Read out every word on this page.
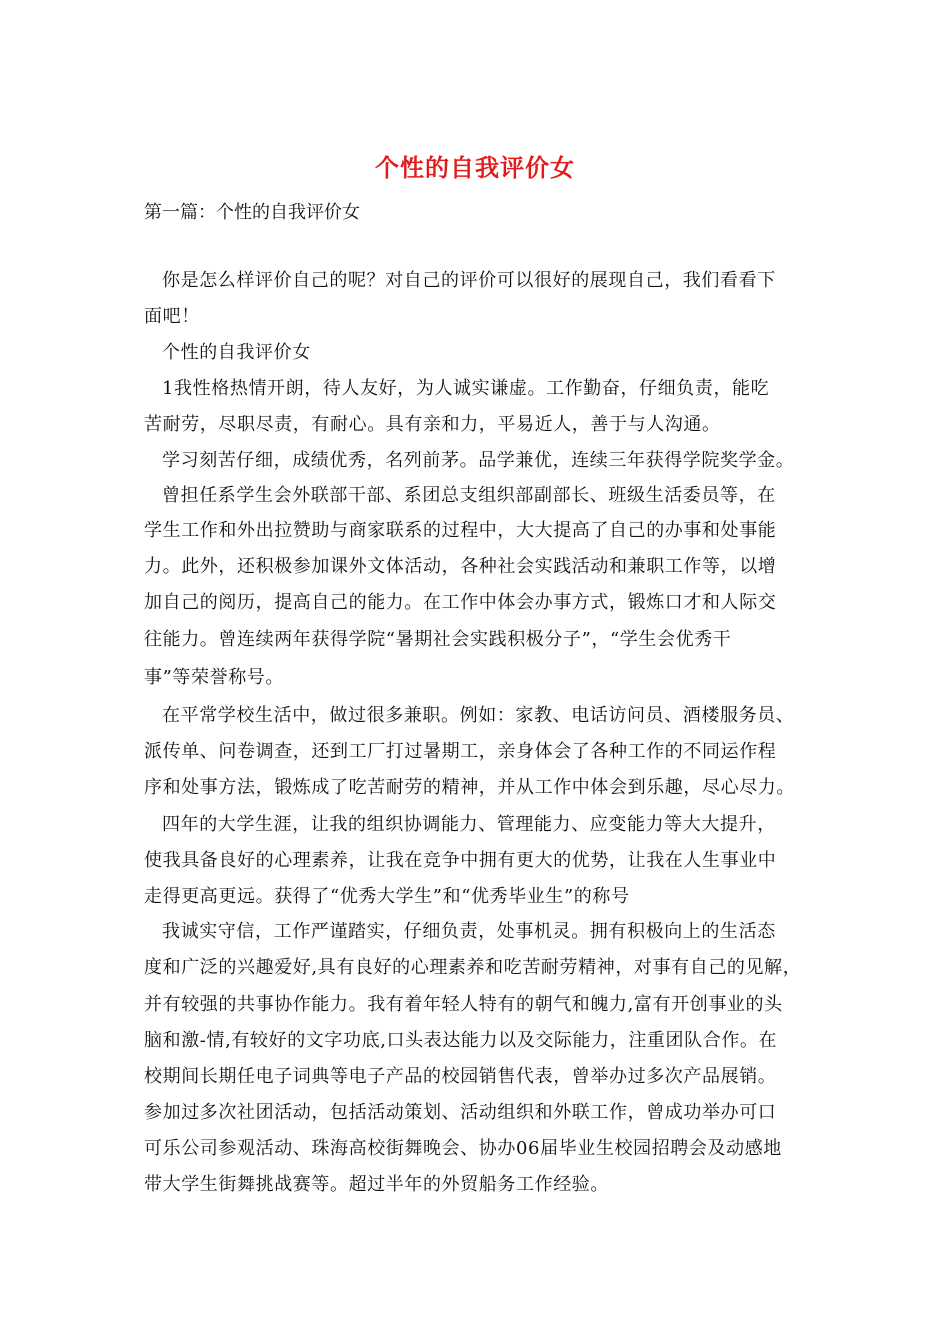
个性的自我评价女
第一篇：个性的自我评价女
你是怎么样评价自己的呢？对自己的评价可以很好的展现自己，我们看看下
面吧！
个性的自我评价女
1我性格热情开朗，待人友好，为人诚实谦虚。工作勤奋，仔细负责，能吃
苦耐劳，尽职尽责，有耐心。具有亲和力，平易近人，善于与人沟通。
学习刻苦仔细，成绩优秀，名列前茅。品学兼优，连续三年获得学院奖学金。
曾担任系学生会外联部干部、系团总支组织部副部长、班级生活委员等，在
学生工作和外出拉赞助与商家联系的过程中，大大提高了自己的办事和处事能
力。此外，还积极参加课外文体活动，各种社会实践活动和兼职工作等，以增
加自己的阅历，提高自己的能力。在工作中体会办事方式，锻炼口才和人际交
往能力。曾连续两年获得学院“暑期社会实践积极分子”，“学生会优秀干
事”等荣誉称号。
在平常学校生活中，做过很多兼职。例如：家教、电话访问员、酒楼服务员、
派传单、问卷调查，还到工厂打过暑期工，亲身体会了各种工作的不同运作程
序和处事方法，锻炼成了吃苦耐劳的精神，并从工作中体会到乐趣，尽心尽力。
四年的大学生涯，让我的组织协调能力、管理能力、应变能力等大大提升，
使我具备良好的心理素养，让我在竞争中拥有更大的优势，让我在人生事业中
走得更高更远。获得了“优秀大学生”和“优秀毕业生”的称号
我诚实守信，工作严谨踏实，仔细负责，处事机灵。拥有积极向上的生活态
度和广泛的兴趣爱好,具有良好的心理素养和吃苦耐劳精神，对事有自己的见解，
并有较强的共事协作能力。我有着年轻人特有的朝气和魄力,富有开创事业的头
脑和激-情,有较好的文字功底,口头表达能力以及交际能力，注重团队合作。在
校期间长期任电子词典等电子产品的校园销售代表，曾举办过多次产品展销。
参加过多次社团活动，包括活动策划、活动组织和外联工作，曾成功举办可口
可乐公司参观活动、珠海高校街舞晚会、协办06届毕业生校园招聘会及动感地
带大学生街舞挑战赛等。超过半年的外贸船务工作经验。
